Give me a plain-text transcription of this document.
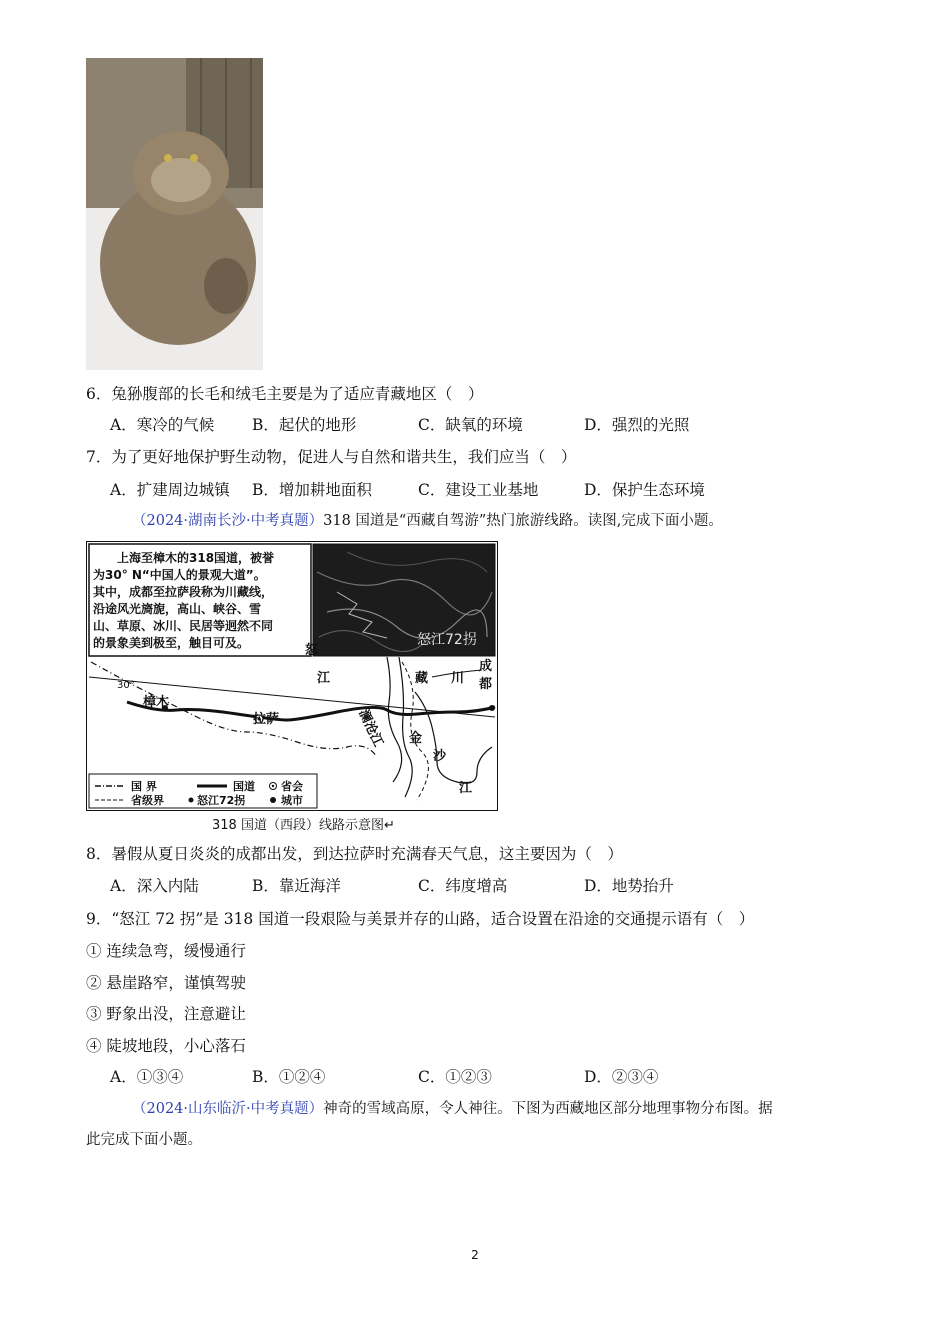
6．兔狲腹部的长毛和绒毛主要是为了适应青藏地区（　）
A．寒冷的气候 B．起伏的地形	C．缺氧的环境	D．强烈的光照
7．为了更好地保护野生动物，促进人与自然和谐共生，我们应当（　）
A．扩建周边城镇 B．增加耕地面积	C．建设工业基地	D．保护生态环境
（2024·湖南长沙·中考真题）318 国道是“西藏自驾游”热门旅游线路。读图,完成下面小题。
上海至樟木的318国道，被誉
为30° N“中国人的景观大道”。
其中，成都至拉萨段称为川藏线，
沿途风光旖旎，高山、峡谷、雪
山、草原、冰川、民居等迥然不同
的景象美到极至，触目可及。	怒江72拐
30°
樟木
拉萨
怒
江
澜沧江
藏 川
成
都
金
沙
江
国 界	国道 省会
省级界	怒江72拐	城市
318 国道（西段）线路示意图↵
8．暑假从夏日炎炎的成都出发，到达拉萨时充满春天气息，这主要因为（　）
A．深入内陆	B．靠近海洋	C．纬度增高	D．地势抬升
9．“怒江 72 拐”是 318 国道一段艰险与美景并存的山路，适合设置在沿途的交通提示语有（　）
① 连续急弯，缓慢通行
② 悬崖路窄，谨慎驾驶
③ 野象出没，注意避让
④ 陡坡地段，小心落石
A．①③④	B．①②④	C．①②③	D．②③④
（2024·山东临沂·中考真题）神奇的雪域高原，令人神往。下图为西藏地区部分地理事物分布图。据
此完成下面小题。
2
